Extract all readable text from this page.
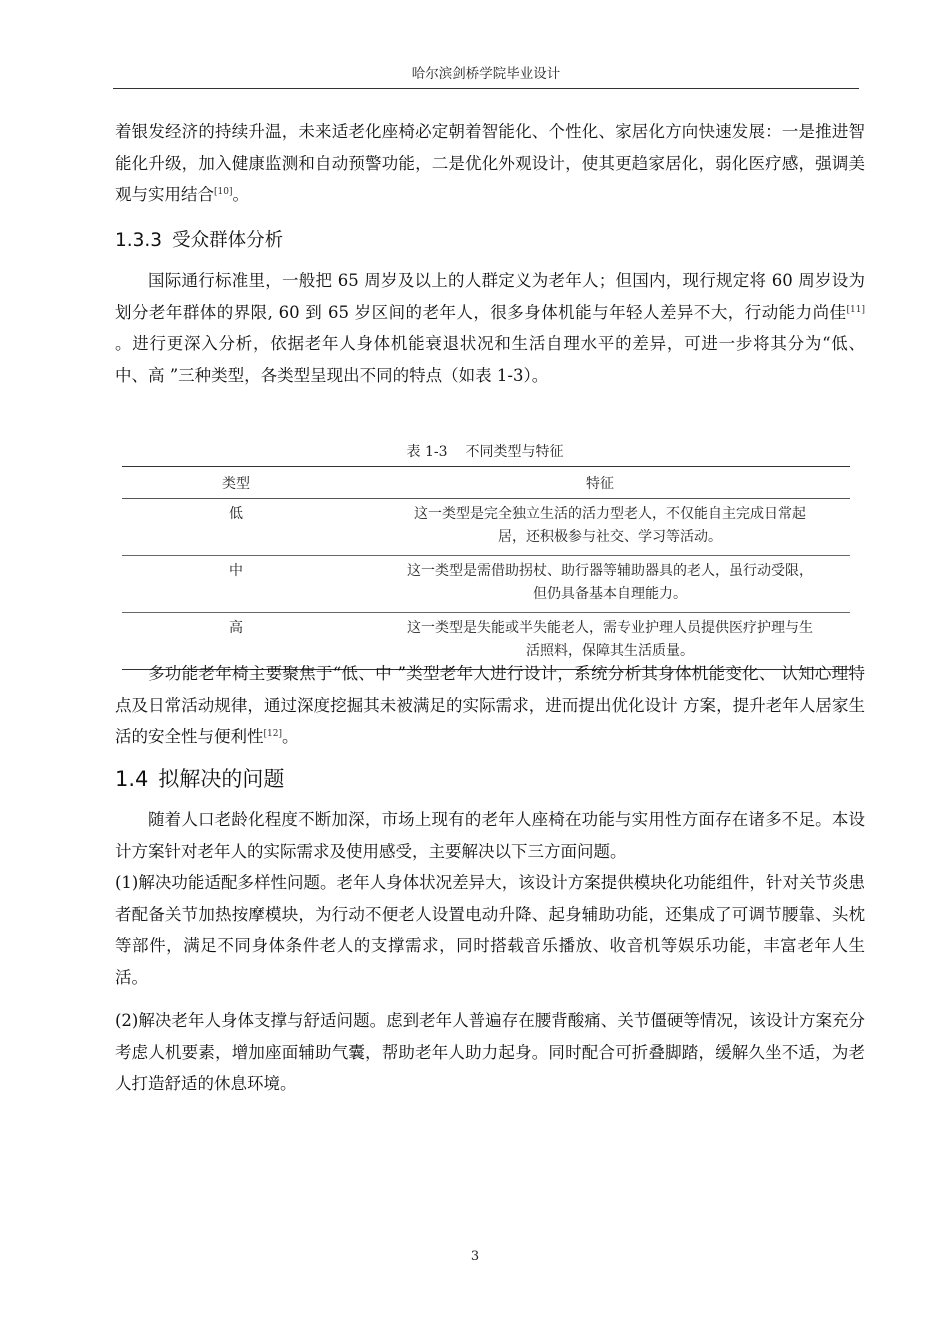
哈尔滨剑桥学院毕业设计

着银发经济的持续升温，未来适老化座椅必定朝着智能化、个性化、家居化方向快速发展：一是推进智能化升级，加入健康监测和自动预警功能，二是优化外观设计，使其更趋家居化，弱化医疗感，强调美观与实用结合[10]。

1.3.3 受众群体分析

国际通行标准里，一般把 65 周岁及以上的人群定义为老年人；但国内，现行规定将 60 周岁设为划分老年群体的界限, 60 到 65 岁区间的老年人，很多身体机能与年轻人差异不大，行动能力尚佳[11] 。进行更深入分析，依据老年人身体机能衰退状况和生活自理水平的差异，可进一步将其分为“低、中、高 ”三种类型，各类型呈现出不同的特点（如表 1-3）。

表 1-3 不同类型与特征
类型	特征
低	这一类型是完全独立生活的活力型老人，不仅能自主完成日常起
居，还积极参与社交、学习等活动。

中	这一类型是需借助拐杖、助行器等辅助器具的老人，虽行动受限，
但仍具备基本自理能力。

高	这一类型是失能或半失能老人，需专业护理人员提供医疗护理与生
活照料，保障其生活质量。

多功能老年椅主要聚焦于“低、中 ”类型老年人进行设计，系统分析其身体机能变化、 认知心理特点及日常活动规律，通过深度挖掘其未被满足的实际需求，进而提出优化设计 方案，提升老年人居家生活的安全性与便利性[12]。

1.4 拟解决的问题

随着人口老龄化程度不断加深，市场上现有的老年人座椅在功能与实用性方面存在诸多不足。本设计方案针对老年人的实际需求及使用感受，主要解决以下三方面问题。

(1)解决功能适配多样性问题。老年人身体状况差异大，该设计方案提供模块化功能组件，针对关节炎患者配备关节加热按摩模块，为行动不便老人设置电动升降、起身辅助功能，还集成了可调节腰靠、头枕等部件，满足不同身体条件老人的支撑需求，同时搭载音乐播放、收音机等娱乐功能，丰富老年人生活。

(2)解决老年人身体支撑与舒适问题。虑到老年人普遍存在腰背酸痛、关节僵硬等情况，该设计方案充分考虑人机要素，增加座面辅助气囊，帮助老年人助力起身。同时配合可折叠脚踏，缓解久坐不适，为老人打造舒适的休息环境。

3
